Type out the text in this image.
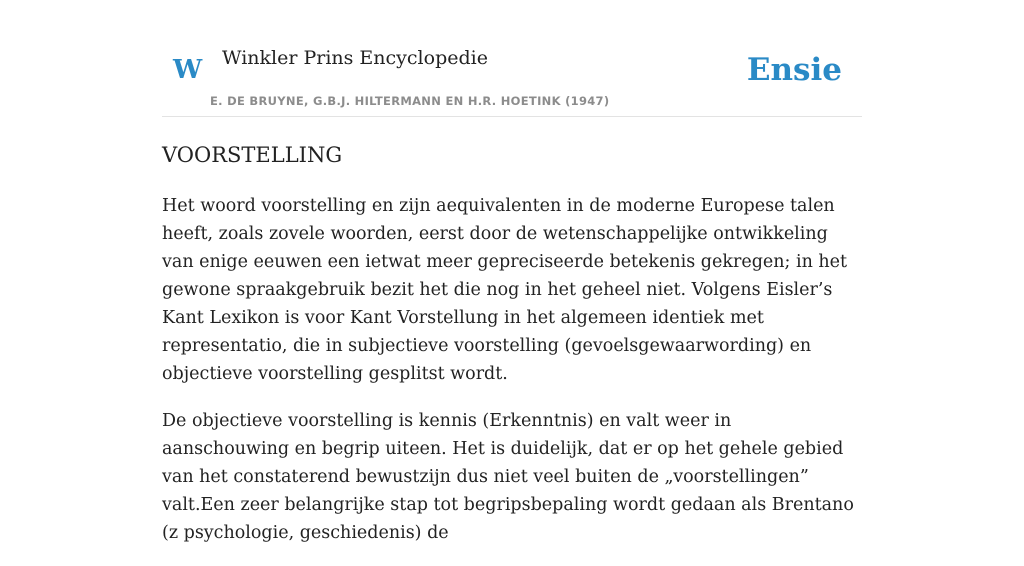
W Winkler Prins Encyclopedie
E. DE BRUYNE, G.B.J. HILTERMANN EN H.R. HOETINK (1947)
Ensie
VOORSTELLING

Het woord voorstelling en zijn aequivalenten in de moderne Europese talen heeft, zoals zovele woorden, eerst door de wetenschappelijke ontwikkeling van enige eeuwen een ietwat meer gepreciseerde betekenis gekregen; in het gewone spraakgebruik bezit het die nog in het geheel niet. Volgens Eisler’s Kant Lexikon is voor Kant Vorstellung in het algemeen identiek met representatio, die in subjectieve voorstelling (gevoelsgewaarwording) en objectieve voorstelling gesplitst wordt.

De objectieve voorstelling is kennis (Erkenntnis) en valt weer in aanschouwing en begrip uiteen. Het is duidelijk, dat er op het gehele gebied van het constaterend bewustzijn dus niet veel buiten de „voorstellingen” valt.Een zeer belangrijke stap tot begripsbepaling wordt gedaan als Brentano (z psychologie, geschiedenis) de
